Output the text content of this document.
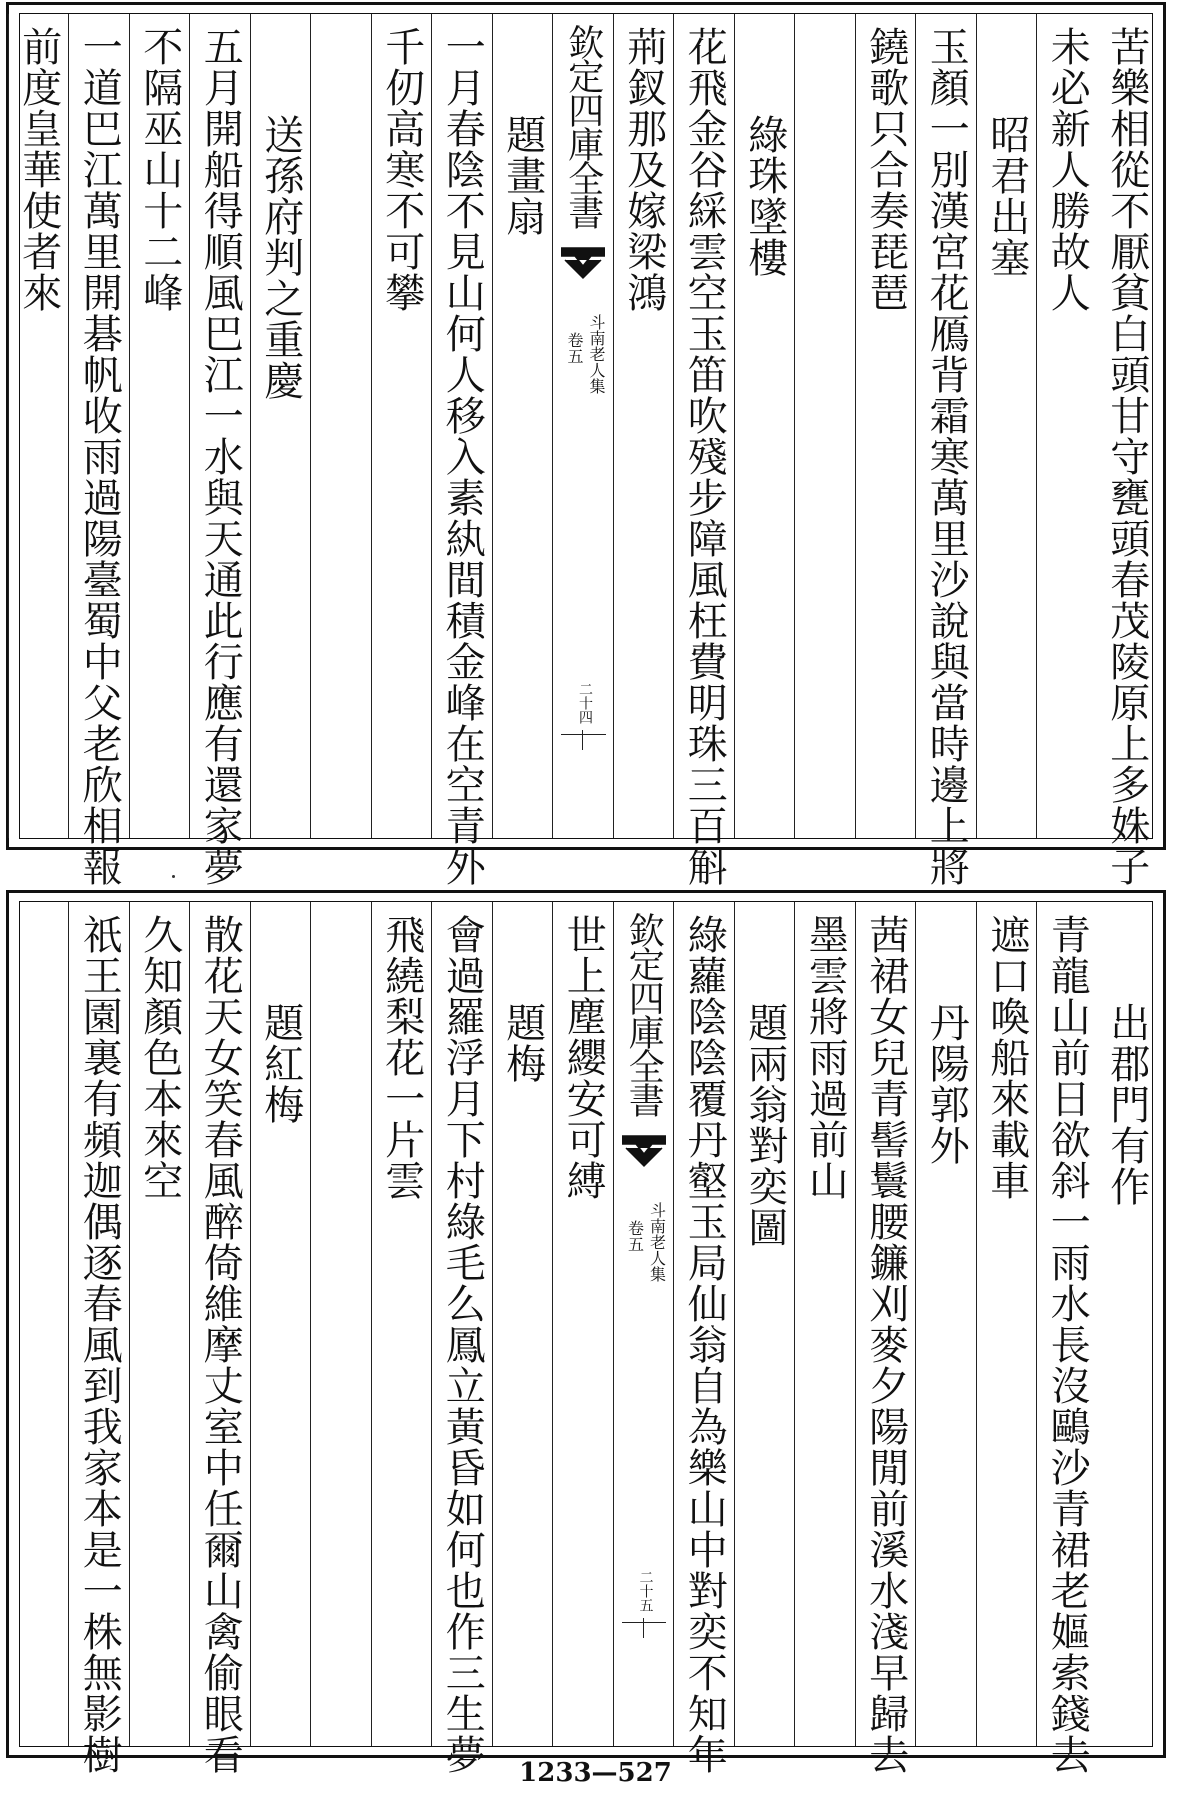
苦樂相從不厭貧白頭甘守甕頭春茂陵原上多姝子
未必新人勝故人
昭君出塞
玉顏一別漢宮花鴈背霜寒萬里沙說與當時邊上將
鐃歌只合奏琵琶
綠珠墜樓
花飛金谷綵雲空玉笛吹殘步障風枉費明珠三百斛
荊釵那及嫁梁鴻
欽定四庫全書
斗南老人集
卷五
二十四
題畫扇
一月春陰不見山何人移入素紈間積金峰在空青外
千仞高寒不可攀
送孫府判之重慶
五月開船得順風巴江一水與天通此行應有還家夢
不隔巫山十二峰
一道巴江萬里開碁帆收雨過陽臺蜀中父老欣相報
前度皇華使者來
出郡門有作
青龍山前日欲斜一雨水長沒鷗沙青裙老嫗索錢去
遮口喚船來載車
丹陽郭外
茜裙女兒青髻鬟腰鐮刈麥夕陽閒前溪水淺早歸去
墨雲將雨過前山
題兩翁對奕圖
綠蘿陰陰覆丹壑玉局仙翁自為樂山中對奕不知年
欽定四庫全書
斗南老人集
卷五
二十五
世上塵纓安可縛
題梅
會過羅浮月下村綠毛么鳳立黃昏如何也作三生夢
飛繞梨花一片雲
題紅梅
散花天女笑春風醉倚維摩丈室中任爾山禽偷眼看
久知顏色本來空
祇王園裏有頻迦偶逐春風到我家本是一株無影樹	1233—527
